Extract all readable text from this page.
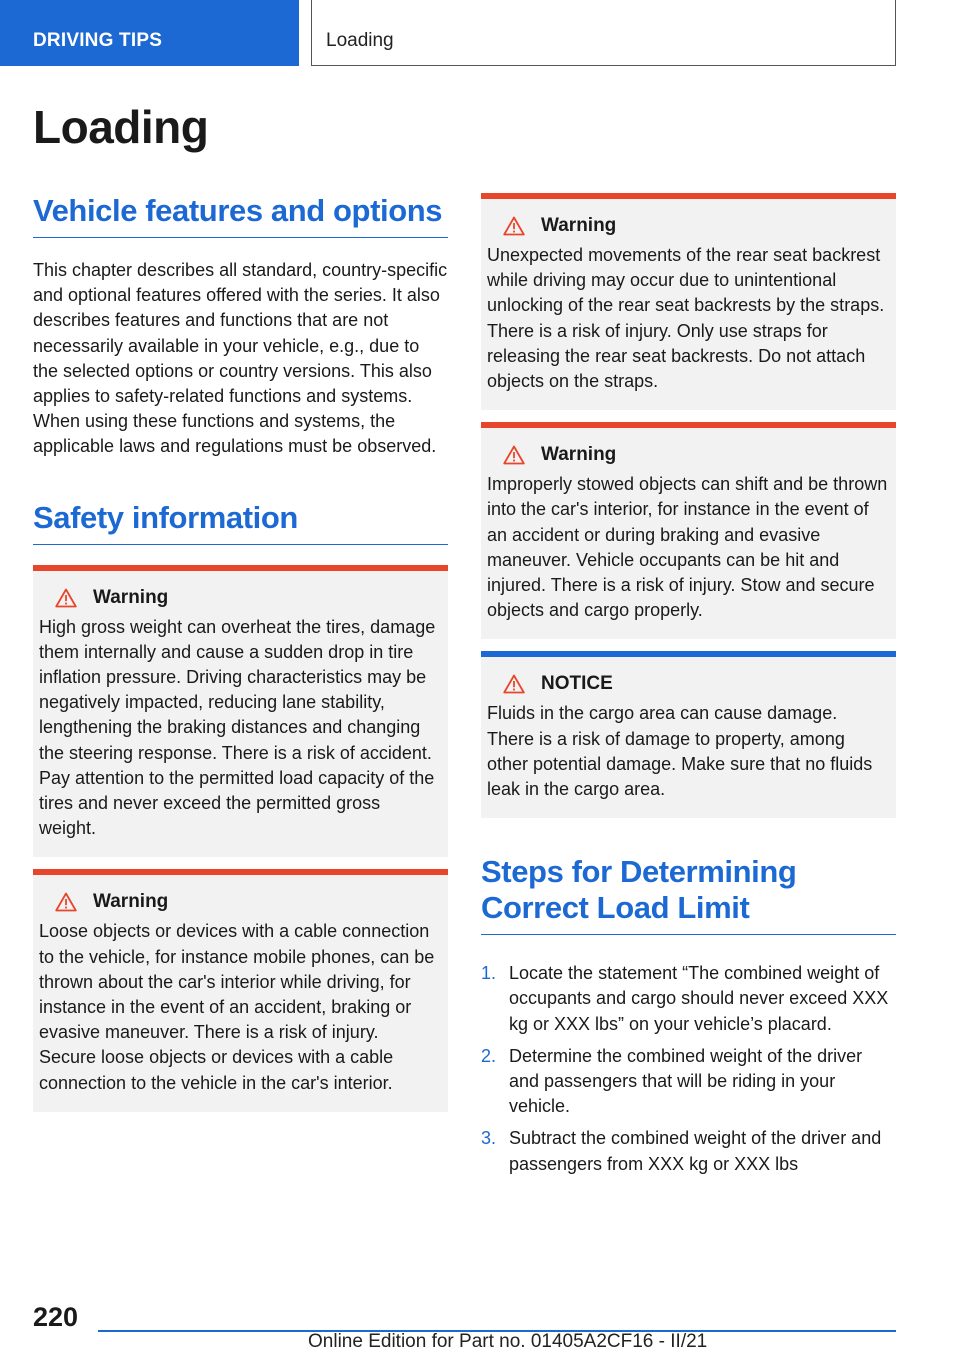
DRIVING TIPS	Loading
Loading
Vehicle features and options

This chapter describes all standard, country-specific and optional features offered with the series. It also describes features and functions that are not necessarily available in your vehicle, e.g., due to the selected options or country versions. This also applies to safety-related functions and systems. When using these functions and systems, the applicable laws and regulations must be observed.

Safety information
Warning

High gross weight can overheat the tires, damage them internally and cause a sudden drop in tire inflation pressure. Driving characteristics may be negatively impacted, reducing lane stability, lengthening the braking distances and changing the steering response. There is a risk of accident. Pay attention to the permitted load capacity of the tires and never exceed the permitted gross weight.

Warning

Loose objects or devices with a cable connection to the vehicle, for instance mobile phones, can be thrown about the car's interior while driving, for instance in the event of an accident, braking or evasive maneuver. There is a risk of injury. Secure loose objects or devices with a cable connection to the vehicle in the car's interior.

Warning

Unexpected movements of the rear seat backrest while driving may occur due to unintentional unlocking of the rear seat backrests by the straps. There is a risk of injury. Only use straps for releasing the rear seat backrests. Do not attach objects on the straps.

Warning

Improperly stowed objects can shift and be thrown into the car's interior, for instance in the event of an accident or during braking and evasive maneuver. Vehicle occupants can be hit and injured. There is a risk of injury. Stow and secure objects and cargo properly.

NOTICE

Fluids in the cargo area can cause damage. There is a risk of damage to property, among other potential damage. Make sure that no fluids leak in the cargo area.

Steps for Determining Correct Load Limit
1. Locate the statement “The combined weight of occupants and cargo should never exceed XXX kg or XXX lbs” on your vehicle’s placard.
2. Determine the combined weight of the driver and passengers that will be riding in your vehicle.
3. Subtract the combined weight of the driver and passengers from XXX kg or XXX lbs
220
Online Edition for Part no. 01405A2CF16 - II/21
